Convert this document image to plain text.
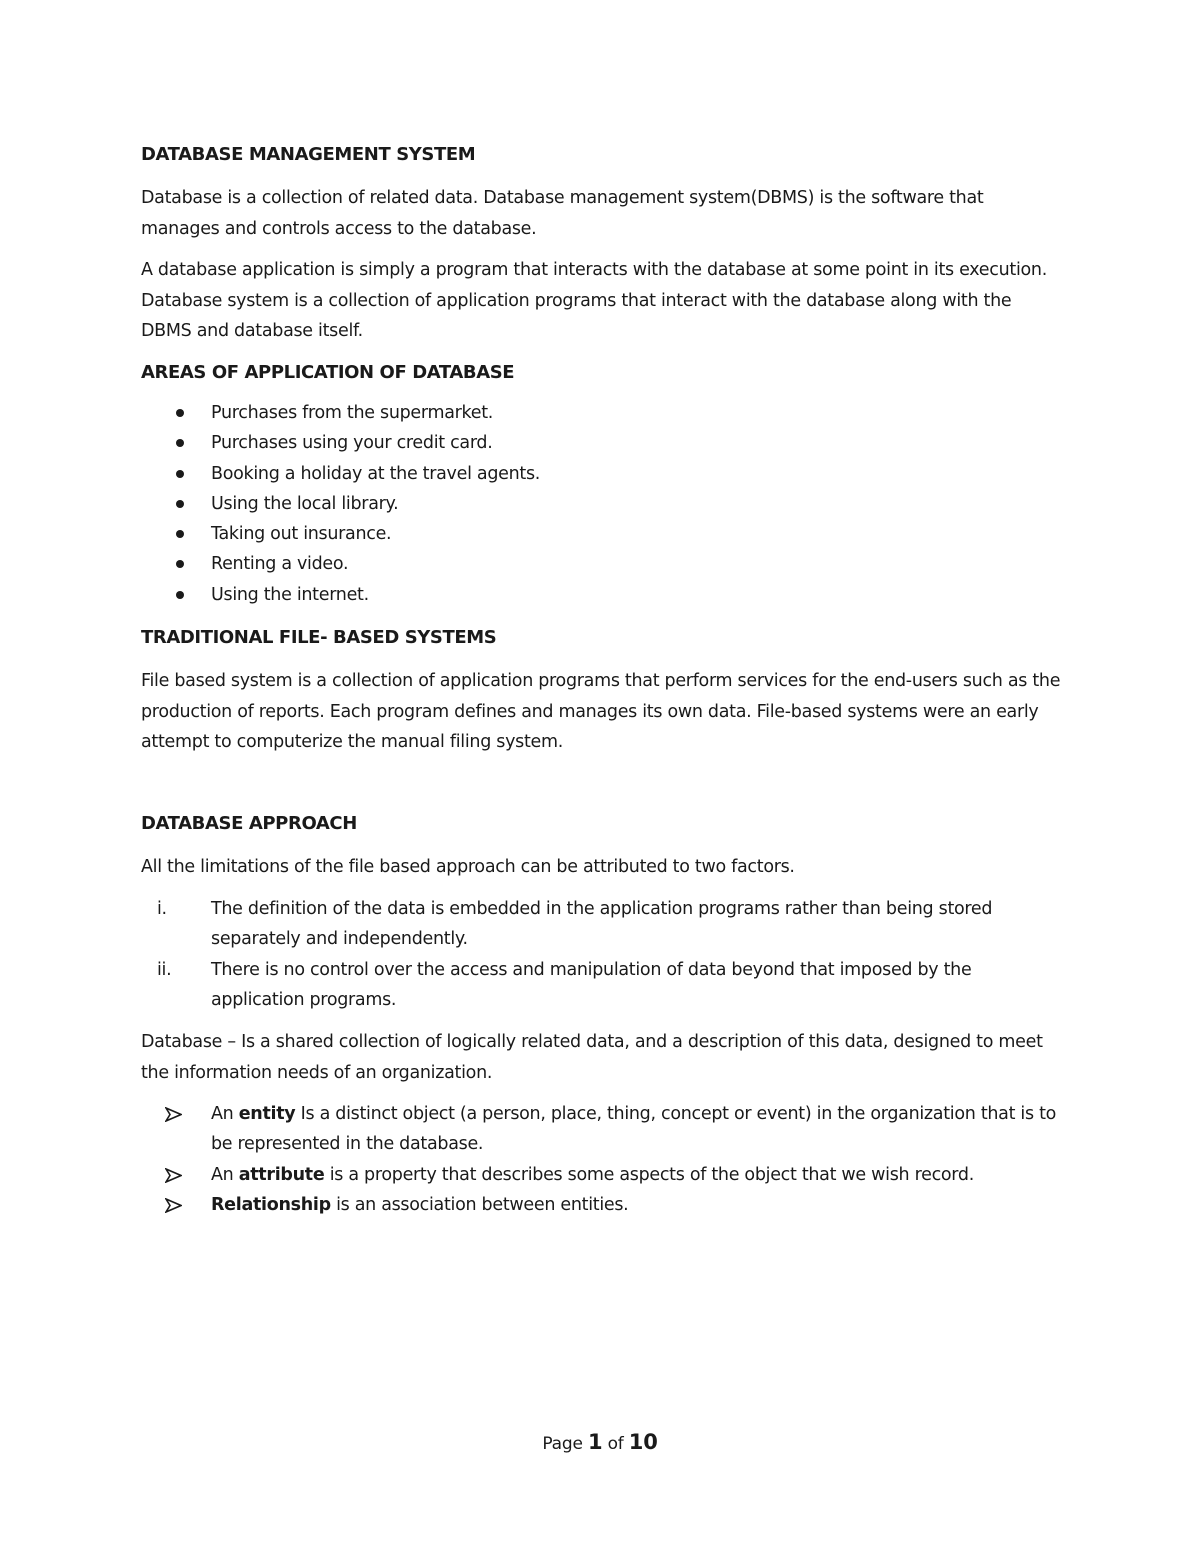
DATABASE MANAGEMENT SYSTEM

Database is a collection of related data. Database management system(DBMS) is the software that manages and controls access to the database.

A database application is simply a program that interacts with the database at some point in its execution. Database system is a collection of application programs that interact with the database along with the DBMS and database itself.

AREAS OF APPLICATION OF DATABASE
Purchases from the supermarket.
Purchases using your credit card.
Booking a holiday at the travel agents.
Using the local library.
Taking out insurance.
Renting a video.
Using the internet.
TRADITIONAL FILE- BASED SYSTEMS

File based system is a collection of application programs that perform services for the end-users such as the production of reports. Each program defines and manages its own data. File-based systems were an early attempt to computerize the manual filing system.

DATABASE APPROACH

All the limitations of the file based approach can be attributed to two factors.

i.	The definition of the data is embedded in the application programs rather than being stored separately and independently.
ii.	There is no control over the access and manipulation of data beyond that imposed by the application programs.

Database – Is a shared collection of logically related data, and a description of this data, designed to meet the information needs of an organization.

An entity Is a distinct object (a person, place, thing, concept or event) in the organization that is to be represented in the database.
An attribute is a property that describes some aspects of the object that we wish record.
Relationship is an association between entities.
Page 1 of 10
